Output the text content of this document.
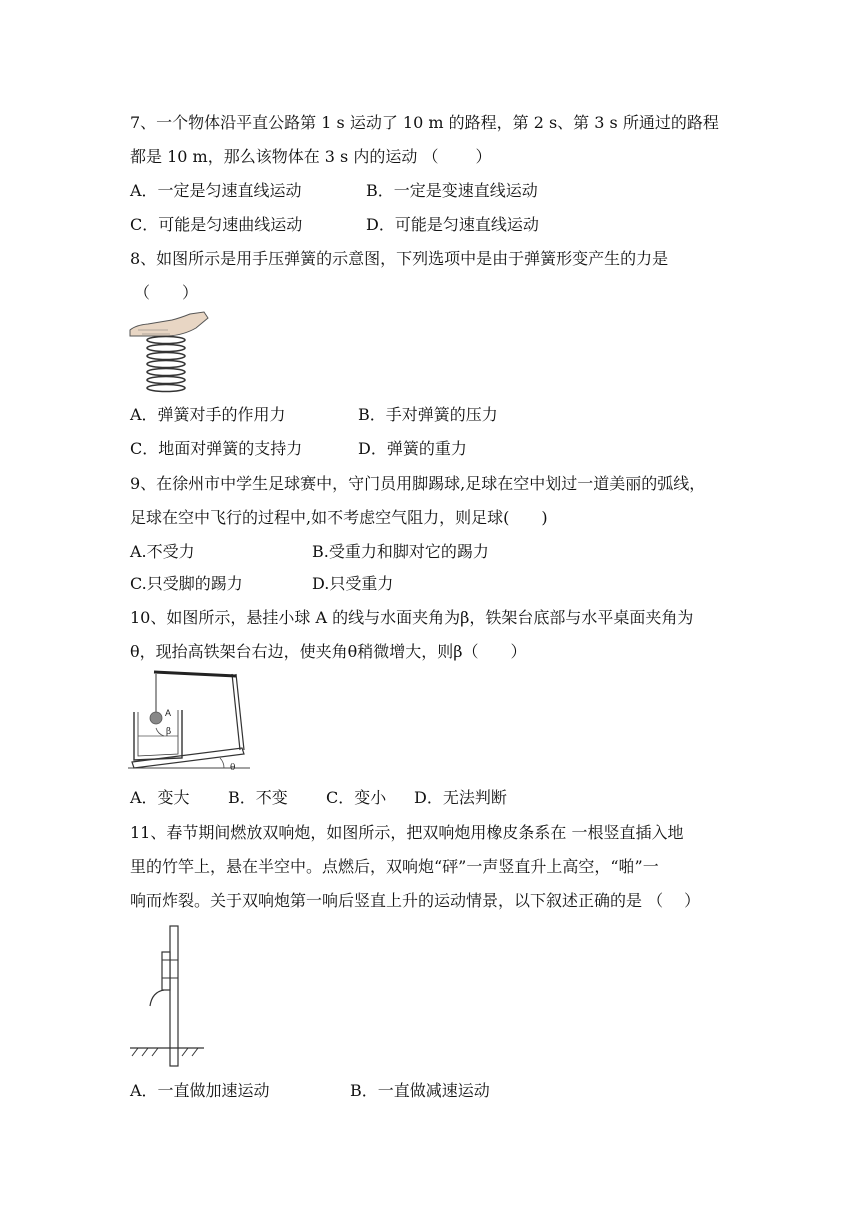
7、一个物体沿平直公路第 1 s 运动了 10 m 的路程，第 2 s、第 3 s 所通过的路程
都是 10 m，那么该物体在 3 s 内的运动 （　　 ）
A．一定是匀速直线运动	B．一定是变速直线运动
C．可能是匀速曲线运动	D．可能是匀速直线运动
8、如图所示是用手压弹簧的示意图，下列选项中是由于弹簧形变产生的力是
（　　）
A．弹簧对手的作用力	B．手对弹簧的压力
C．地面对弹簧的支持力	D．弹簧的重力
9、在徐州市中学生足球赛中，守门员用脚踢球,足球在空中划过一道美丽的弧线，
足球在空中飞行的过程中,如不考虑空气阻力，则足球(　　)
A.不受力	B.受重力和脚对它的踢力
C.只受脚的踢力	D.只受重力
10、如图所示，悬挂小球 A 的线与水面夹角为β，铁架台底部与水平桌面夹角为
θ，现抬高铁架台右边，使夹角θ稍微增大，则β（　　）
A
β
θ
A．变大 B．不变 C．变小 D．无法判断
11、春节期间燃放双响炮，如图所示，把双响炮用橡皮条系在 一根竖直插入地
里的竹竿上，悬在半空中。点燃后，双响炮“砰”一声竖直升上高空，“啪”一
响而炸裂。关于双响炮第一响后竖直上升的运动情景，以下叙述正确的是 （　 ）
A．一直做加速运动	B．一直做减速运动
